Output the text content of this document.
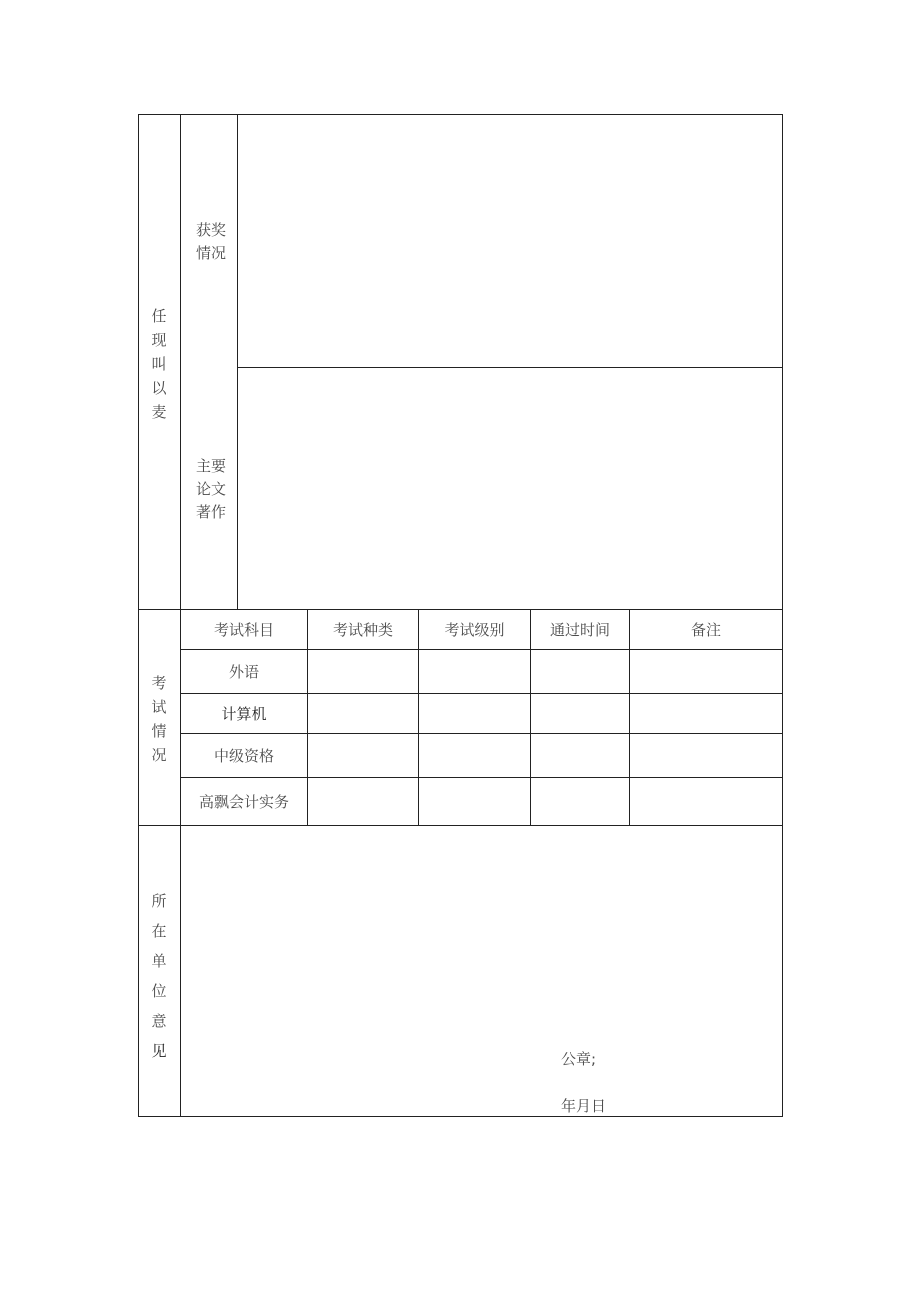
任
现
叫
以
麦
获奖
情况
主要
论文
著作
考
试
情
况
考试科目	考试种类	考试级别	通过时间	备注
外语
计算机
中级资格
高飘会计实务
所
在
单
位
意
见	公章;
年月日
